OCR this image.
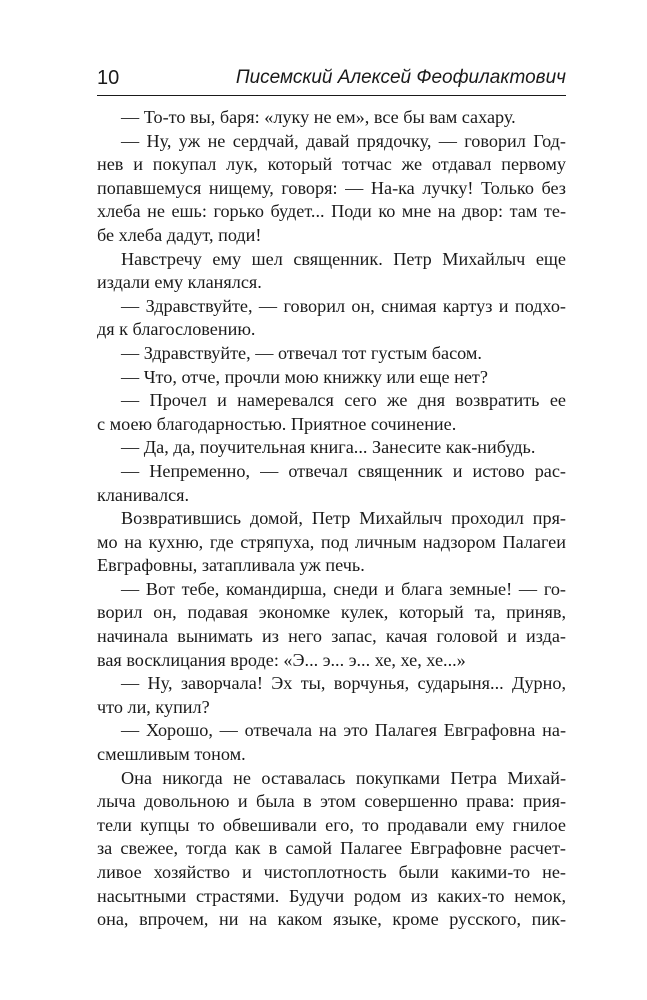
10	Писемский Алексей Феофилактович
— То-то вы, баря: «луку не ем», все бы вам сахару.
— Ну, уж не сердчай, давай прядочку, — говорил Год-
нев и покупал лук, который тотчас же отдавал первому
попавшемуся нищему, говоря: — На-ка лучку! Только без
хлеба не ешь: горько будет... Поди ко мне на двор: там те-
бе хлеба дадут, поди!
Навстречу ему шел священник. Петр Михайлыч еще
издали ему кланялся.
— Здравствуйте, — говорил он, снимая картуз и подхо-
дя к благословению.
— Здравствуйте, — отвечал тот густым басом.
— Что, отче, прочли мою книжку или еще нет?
— Прочел и намеревался сего же дня возвратить ее
с моею благодарностью. Приятное сочинение.
— Да, да, поучительная книга... Занесите как-нибудь.
— Непременно, — отвечал священник и истово рас-
кланивался.
Возвратившись домой, Петр Михайлыч проходил пря-
мо на кухню, где стряпуха, под личным надзором Палагеи
Евграфовны, затапливала уж печь.
— Вот тебе, командирша, снеди и блага земные! — го-
ворил он, подавая экономке кулек, который та, приняв,
начинала вынимать из него запас, качая головой и изда-
вая восклицания вроде: «Э... э... э... хе, хе, хе...»
— Ну, заворчала! Эх ты, ворчунья, сударыня... Дурно,
что ли, купил?
— Хорошо, — отвечала на это Палагея Евграфовна на-
смешливым тоном.
Она никогда не оставалась покупками Петра Михай-
лыча довольною и была в этом совершенно права: прия-
тели купцы то обвешивали его, то продавали ему гнилое
за свежее, тогда как в самой Палагее Евграфовне расчет-
ливое хозяйство и чистоплотность были какими-то не-
насытными страстями. Будучи родом из каких-то немок,
она, впрочем, ни на каком языке, кроме русского, пик-
